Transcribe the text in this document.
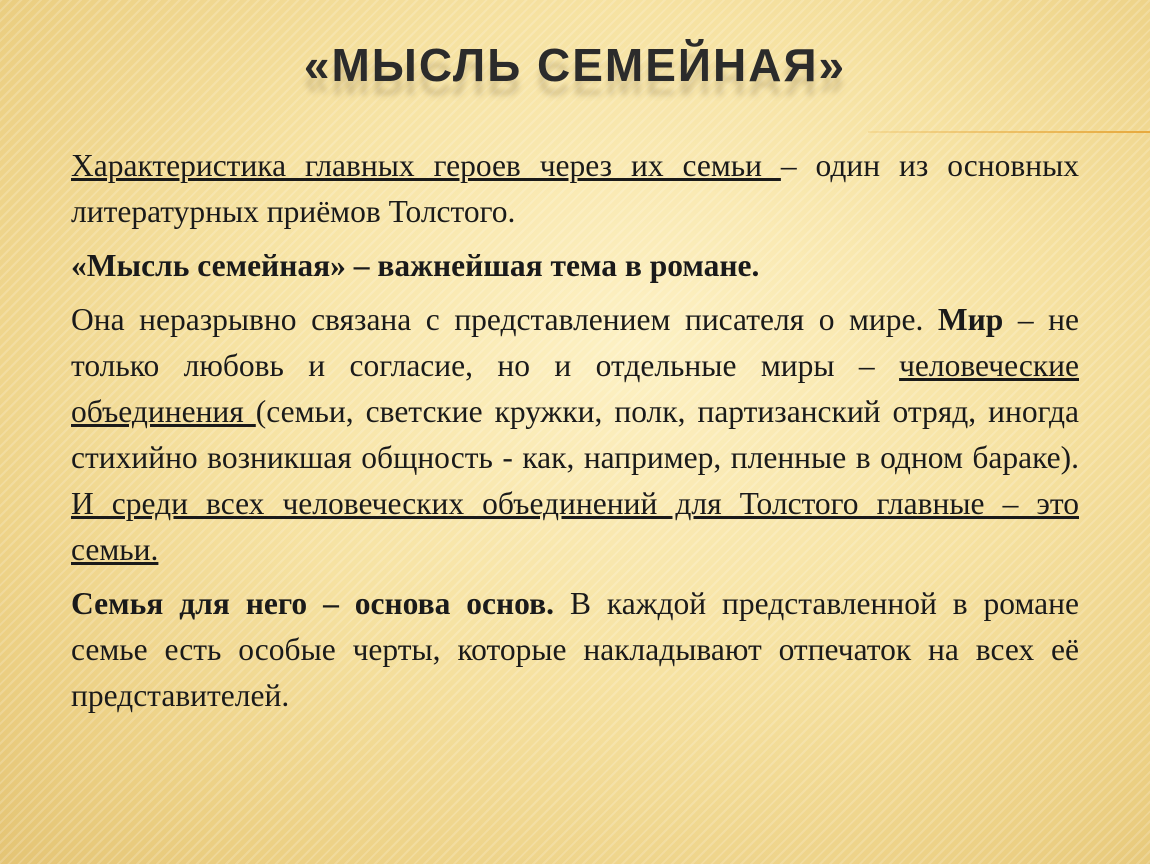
«МЫСЛЬ СЕМЕЙНАЯ»

Характеристика главных героев через их семьи – один из основных литературных приёмов Толстого.

«Мысль семейная» – важнейшая тема в романе.

Она неразрывно связана с представлением писателя о мире. Мир – не только любовь и согласие, но и отдельные миры – человеческие объединения (семьи, светские кружки, полк, партизанский отряд, иногда стихийно возникшая общность - как, например, пленные в одном бараке). И среди всех человеческих объединений для Толстого главные – это семьи.

Семья для него – основа основ. В каждой представленной в романе семье есть особые черты, которые накладывают отпечаток на всех её представителей.
